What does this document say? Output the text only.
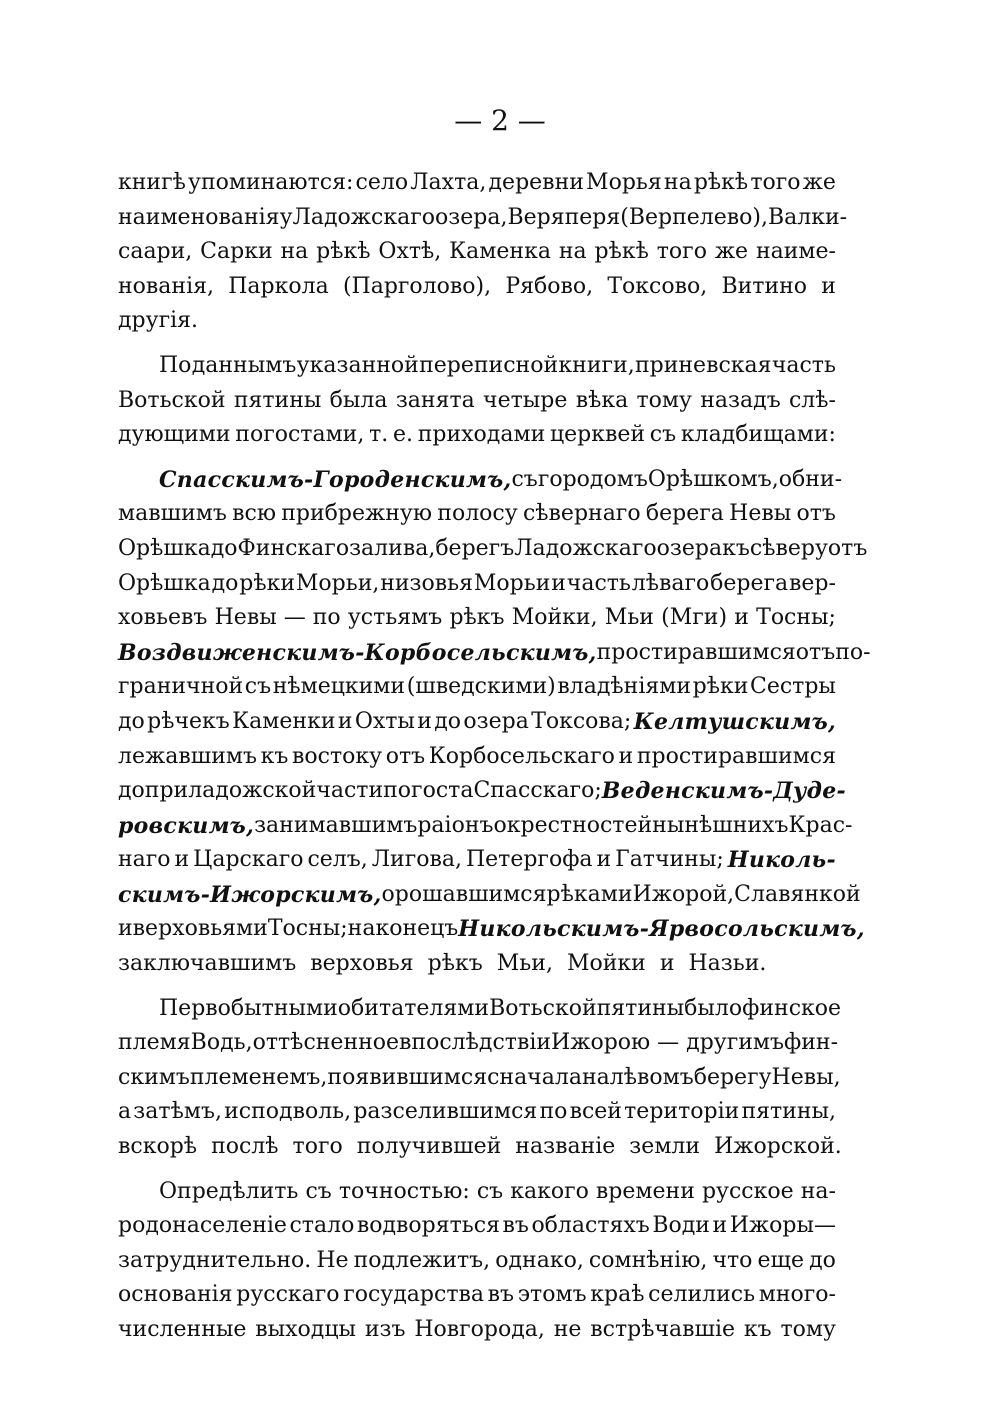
— 2 —
книгѣ упоминаются: село Лахта, деревни Морья на рѣкѣ того же
наименованія у Ладожскаго озера, Веряперя (Верпелево), Валки-
саари, Сарки на рѣкѣ Охтѣ, Каменка на рѣкѣ того же наиме-
нованія, Паркола (Парголово), Рябово, Токсово, Витино и
другія.
По даннымъ указанной переписной книги, приневская часть
Вотьской пятины была занята четыре вѣка тому назадъ слѣ-
дующими погостами, т. е. приходами церквей съ кладбищами:
Спасскимъ-Городенскимъ, съ городомъ Орѣшкомъ, обни-
мавшимъ всю прибрежную полосу сѣвернаго берега Невы отъ
Орѣшка до Финскаго залива, берегъ Ладожскаго озера къ сѣверу отъ
Орѣшка до рѣки Морьи, низовья Морьи и часть лѣваго берега вер-
ховьевъ Невы — по устьямъ рѣкъ Мойки, Мьи (Мги) и Тосны;
Воздвиженскимъ-Корбосельскимъ, простиравшимся отъ по-
граничной съ нѣмецкими (шведскими) владѣніями рѣки Сестры
до рѣчекъ Каменки и Охты и до озера Токсова; Келтушскимъ,
лежавшимъ къ востоку отъ Корбосельскаго и простиравшимся
до приладожской части погоста Спасскаго; Веденскимъ-Дуде-
ровскимъ, занимавшимъ раіонъ окрестностей нынѣшнихъ Крас-
наго и Царскаго селъ, Лигова, Петергофа и Гатчины; Николь-
скимъ-Ижорскимъ, орошавшимся рѣками Ижорой, Славянкой
и верховьями Тосны; наконецъ Никольскимъ-Ярвосольскимъ,
заключавшимъ верховья рѣкъ Мьи, Мойки и Назьи.
Первобытными обитателями Вотьской пятины было финское
племя Водь, оттѣсненное впослѣдствіи Ижорою — другимъ фин-
скимъ племенемъ, появившимся сначала на лѣвомъ берегу Невы,
а затѣмъ, исподволь, разселившимся по всей територіи пятины,
вскорѣ послѣ того получившей названіе земли Ижорской.
Опредѣлить съ точностью: съ какого времени русское на-
родонаселеніе стало водворяться въ областяхъ Води и Ижоры—
затруднительно. Не подлежитъ, однако, сомнѣнію, что еще до
основанія русскаго государства въ этомъ краѣ селились много-
численные выходцы изъ Новгорода, не встрѣчавшіе къ тому
